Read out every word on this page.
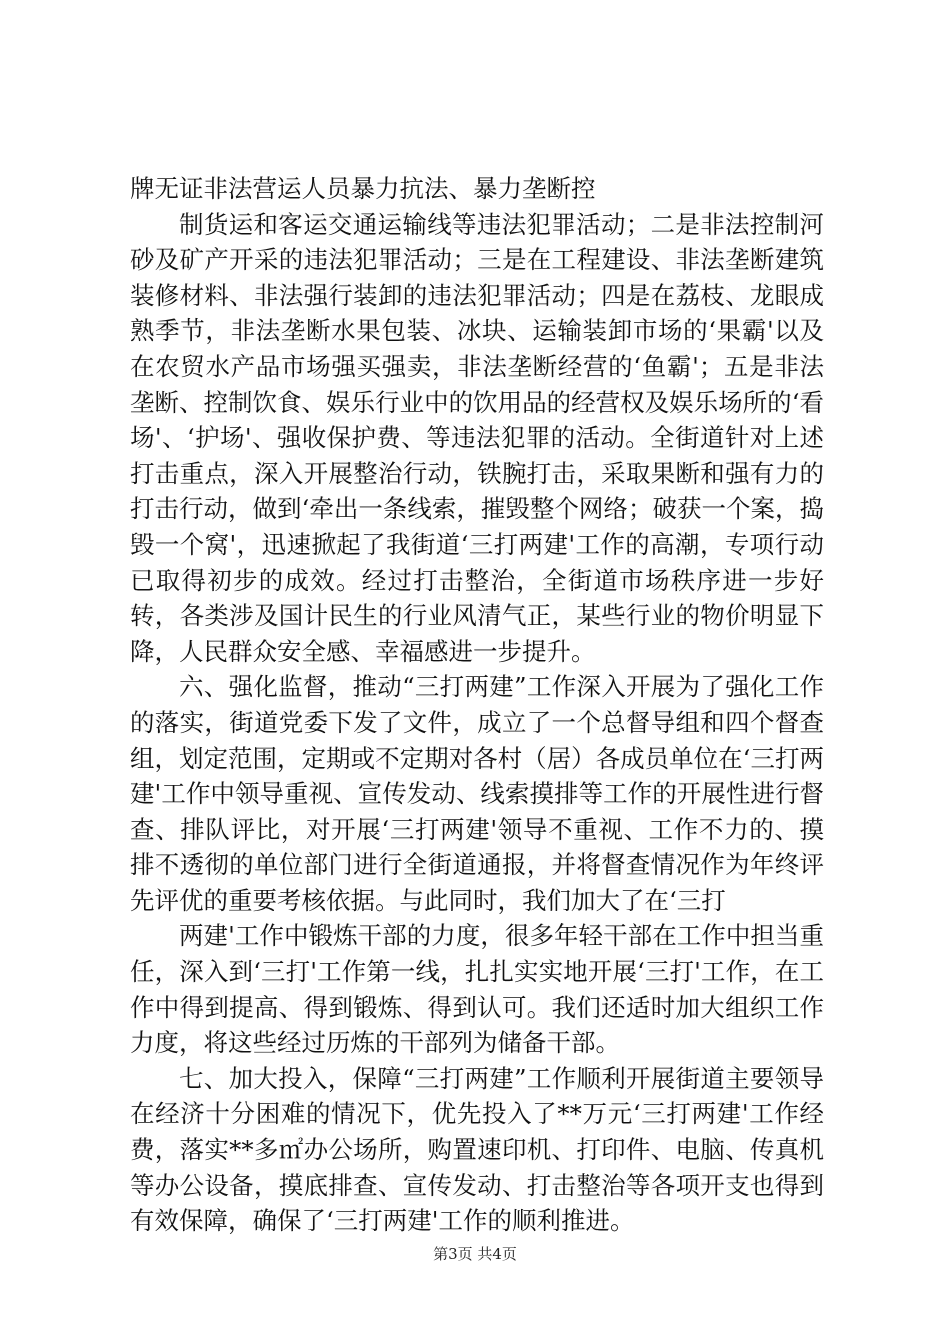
牌无证非法营运人员暴力抗法、暴力垄断控

制货运和客运交通运输线等违法犯罪活动；二是非法控制河砂及矿产开采的违法犯罪活动；三是在工程建设、非法垄断建筑装修材料、非法强行装卸的违法犯罪活动；四是在荔枝、龙眼成熟季节，非法垄断水果包装、冰块、运输装卸市场的‘果霸'以及在农贸水产品市场强买强卖，非法垄断经营的‘鱼霸'；五是非法垄断、控制饮食、娱乐行业中的饮用品的经营权及娱乐场所的‘看场'、‘护场'、强收保护费、等违法犯罪的活动。全街道针对上述打击重点，深入开展整治行动，铁腕打击，采取果断和强有力的打击行动，做到‘牵出一条线索，摧毁整个网络；破获一个案，捣毁一个窝'，迅速掀起了我街道‘三打两建'工作的高潮，专项行动已取得初步的成效。经过打击整治，全街道市场秩序进一步好转，各类涉及国计民生的行业风清气正，某些行业的物价明显下降，人民群众安全感、幸福感进一步提升。

六、强化监督，推动“三打两建”工作深入开展为了强化工作的落实，街道党委下发了文件，成立了一个总督导组和四个督查组，划定范围，定期或不定期对各村（居）各成员单位在‘三打两建'工作中领导重视、宣传发动、线索摸排等工作的开展性进行督查、排队评比，对开展‘三打两建'领导不重视、工作不力的、摸排不透彻的单位部门进行全街道通报，并将督查情况作为年终评先评优的重要考核依据。与此同时，我们加大了在‘三打

两建'工作中锻炼干部的力度，很多年轻干部在工作中担当重任，深入到‘三打'工作第一线，扎扎实实地开展‘三打'工作，在工作中得到提高、得到锻炼、得到认可。我们还适时加大组织工作力度，将这些经过历炼的干部列为储备干部。

七、加大投入，保障“三打两建”工作顺利开展街道主要领导在经济十分困难的情况下，优先投入了**万元‘三打两建'工作经费，落实**多㎡办公场所，购置速印机、打印件、电脑、传真机等办公设备，摸底排查、宣传发动、打击整治等各项开支也得到有效保障，确保了‘三打两建'工作的顺利推进。

第3页 共4页
